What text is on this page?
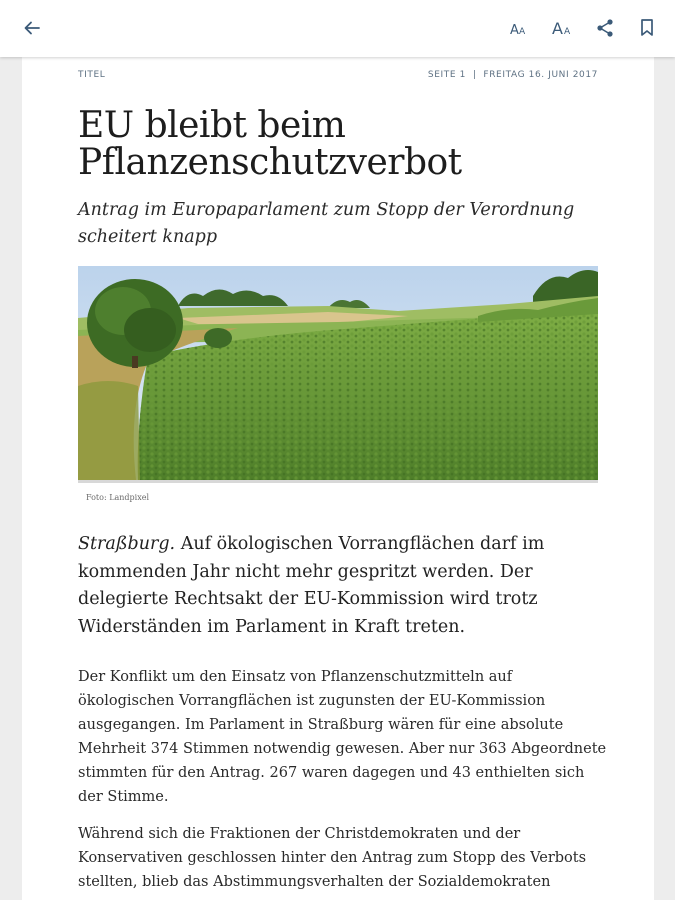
A A A A
TITEL	SEITE 1  |  FREITAG 16. JUNI 2017
EU bleibt beim Pflanzenschutzverbot

Antrag im Europaparlament zum Stopp der Verordnung scheitert knapp

Foto: Landpixel

Straßburg. Auf ökologischen Vorrangflächen darf im kommenden Jahr nicht mehr gespritzt werden. Der delegierte Rechtsakt der EU-Kommission wird trotz Widerständen im Parlament in Kraft treten.

Der Konflikt um den Einsatz von Pflanzenschutzmitteln auf ökologischen Vorrangflächen ist zugunsten der EU-Kommission ausgegangen. Im Parlament in Straßburg wären für eine absolute Mehrheit 374 Stimmen notwendig gewesen. Aber nur 363 Abgeordnete stimmten für den Antrag. 267 waren dagegen und 43 enthielten sich der Stimme.

Während sich die Fraktionen der Christdemokraten und der Konservativen geschlossen hinter den Antrag zum Stopp des Verbots stellten, blieb das Abstimmungsverhalten der Sozialdemokraten
